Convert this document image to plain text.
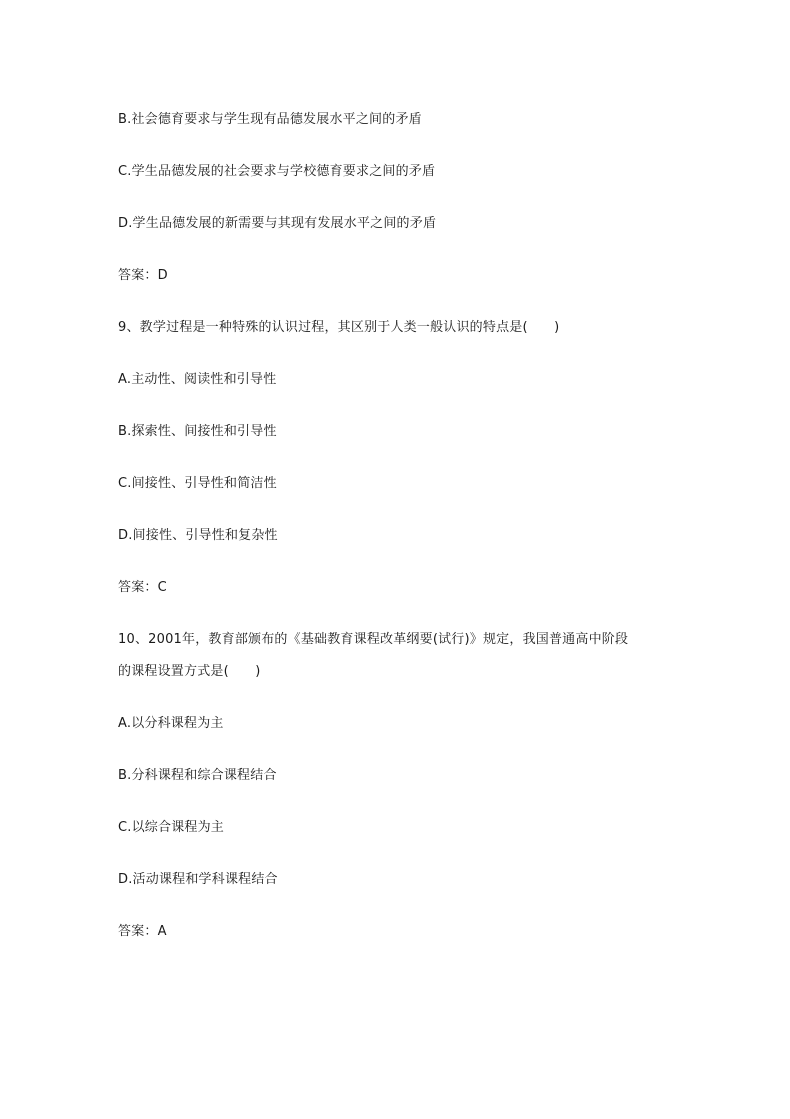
B.社会德育要求与学生现有品德发展水平之间的矛盾
C.学生品德发展的社会要求与学校德育要求之间的矛盾
D.学生品德发展的新需要与其现有发展水平之间的矛盾
答案：D
9、教学过程是一种特殊的认识过程，其区别于人类一般认识的特点是(　　)
A.主动性、阅读性和引导性
B.探索性、间接性和引导性
C.间接性、引导性和简洁性
D.间接性、引导性和复杂性
答案：C
10、2001年，教育部颁布的《基础教育课程改革纲要(试行)》规定，我国普通高中阶段
的课程设置方式是(　　)
A.以分科课程为主
B.分科课程和综合课程结合
C.以综合课程为主
D.活动课程和学科课程结合
答案：A
